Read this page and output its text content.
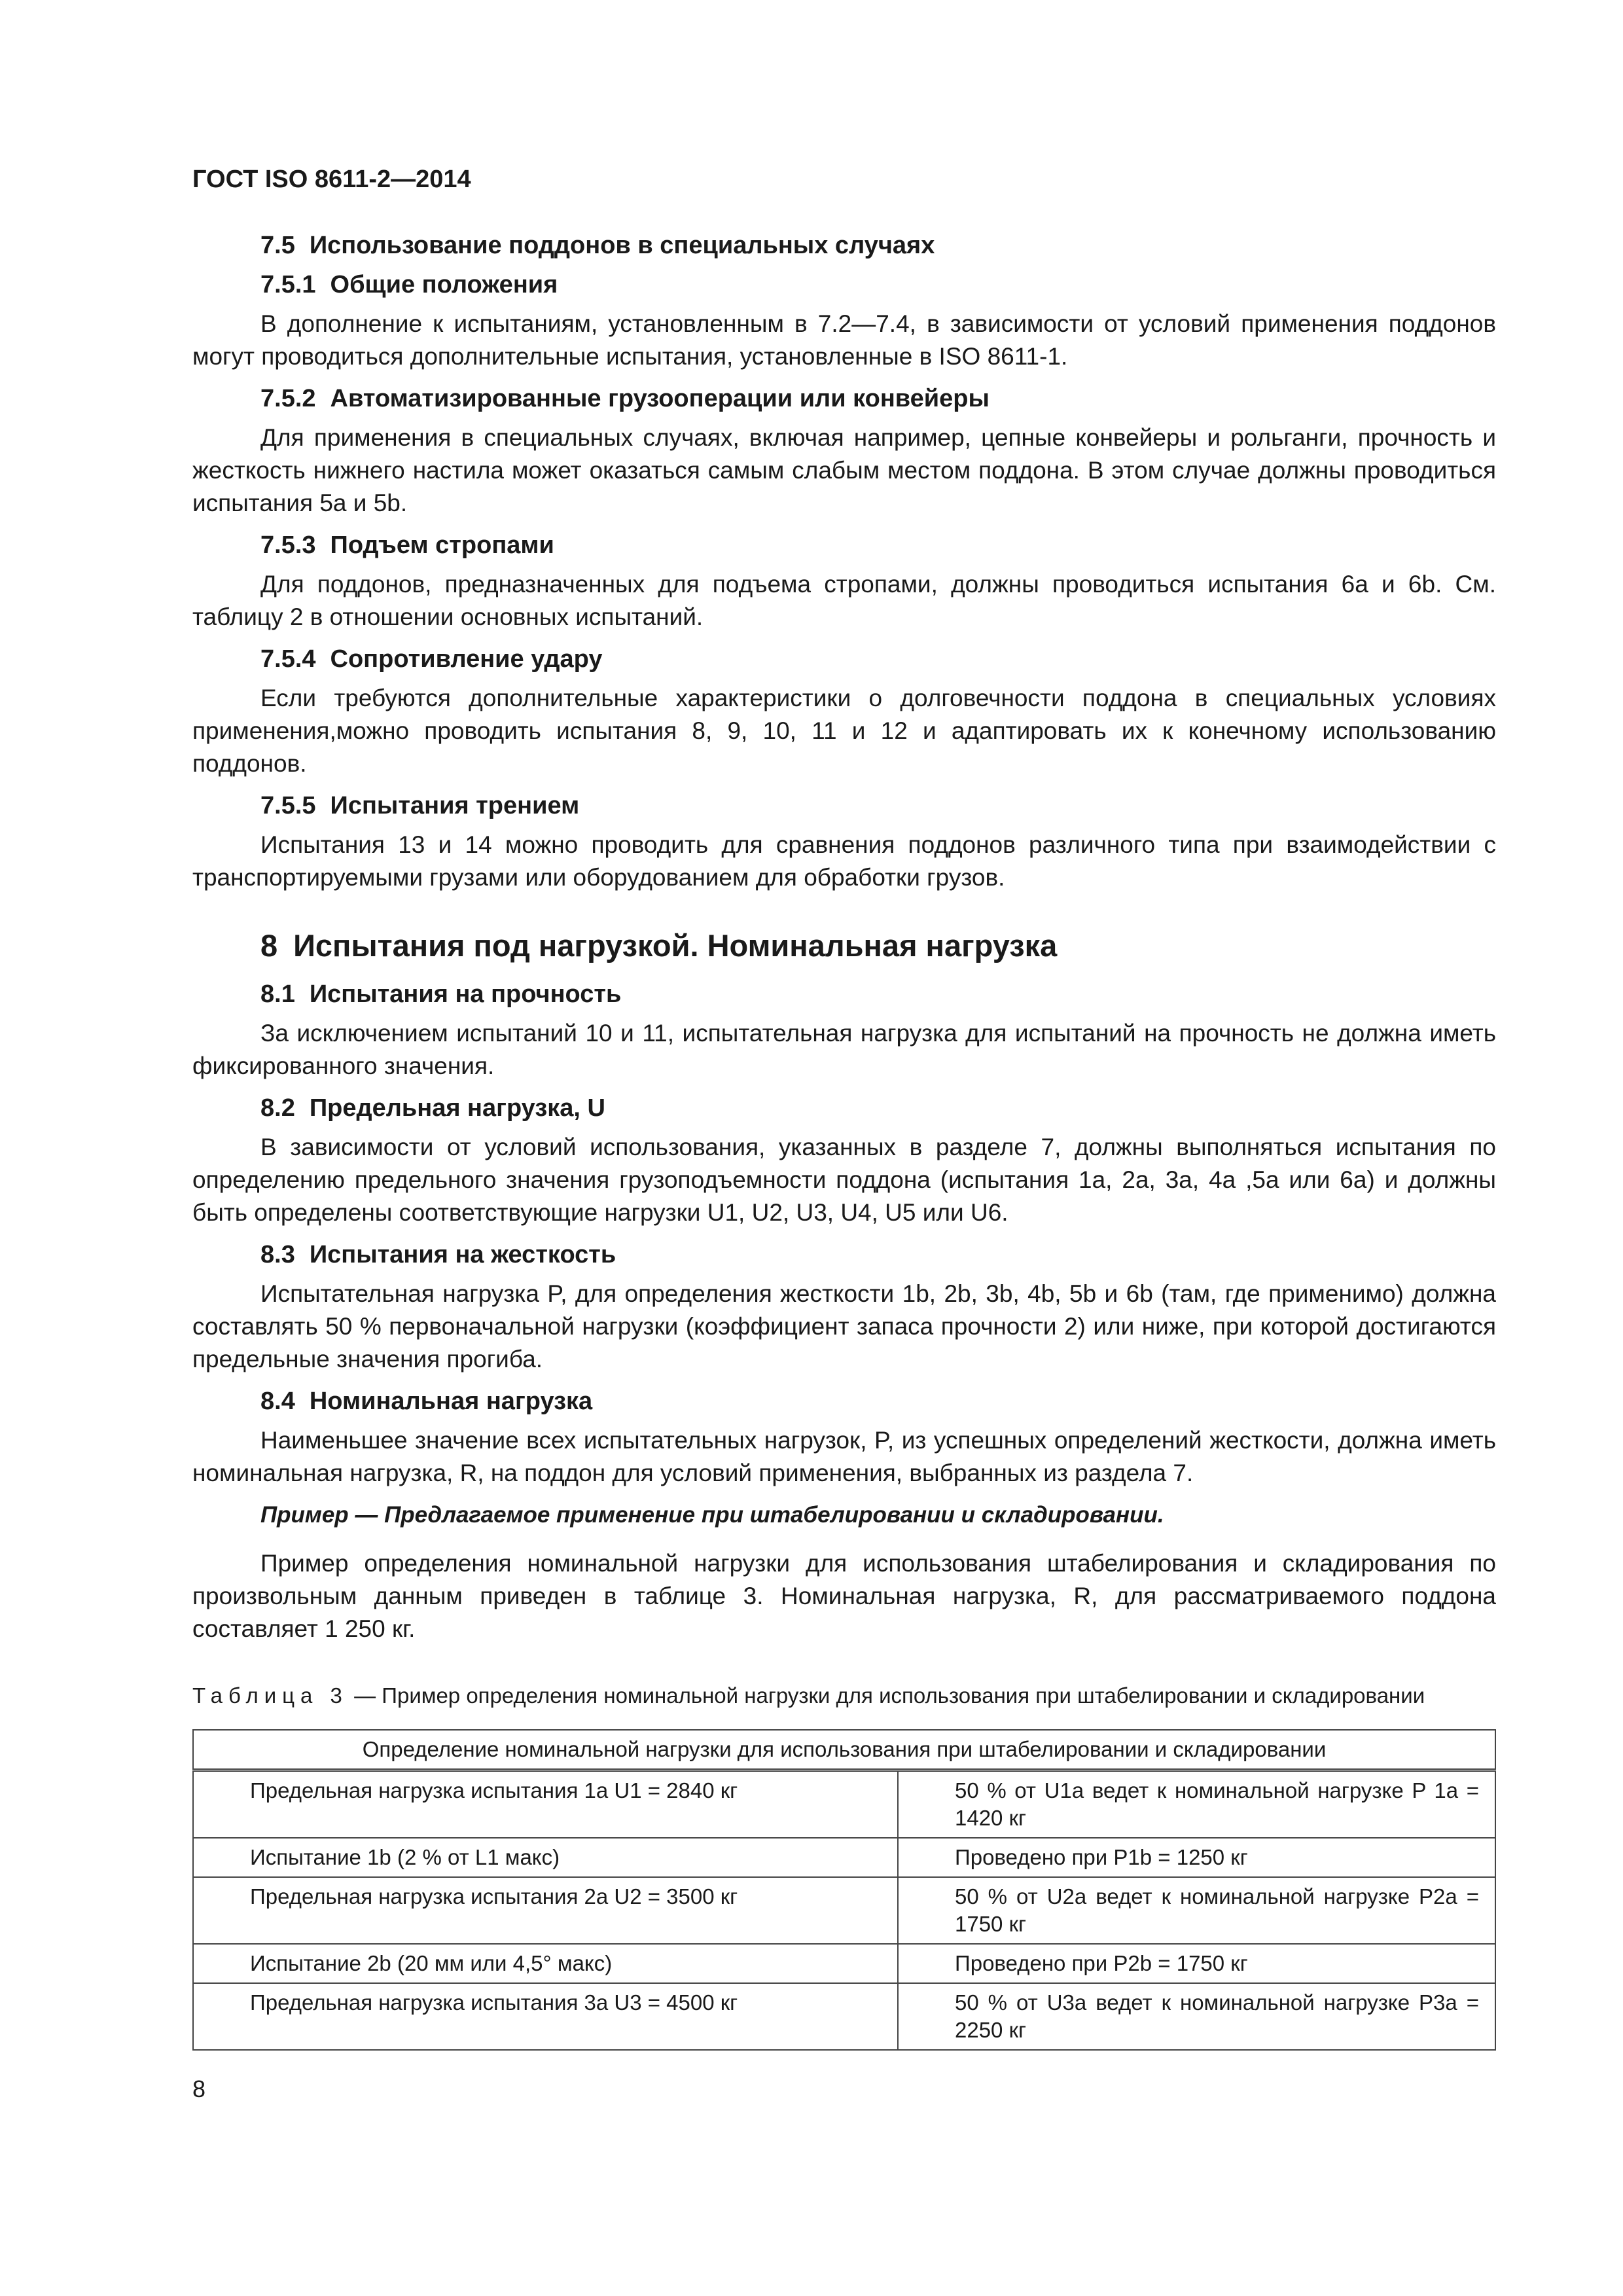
ГОСТ ISO 8611-2—2014
7.5 Использование поддонов в специальных случаях
7.5.1 Общие положения
В дополнение к испытаниям, установленным в 7.2—7.4, в зависимости от условий применения поддонов могут проводиться дополнительные испытания, установленные в ISO 8611-1.
7.5.2 Автоматизированные грузооперации или конвейеры
Для применения в специальных случаях, включая например, цепные конвейеры и рольганги, прочность и жесткость нижнего настила может оказаться самым слабым местом поддона. В этом случае должны проводиться испытания 5a и 5b.
7.5.3 Подъем стропами
Для поддонов, предназначенных для подъема стропами, должны проводиться испытания 6a и 6b. См. таблицу 2 в отношении основных испытаний.
7.5.4 Сопротивление удару
Если требуются дополнительные характеристики о долговечности поддона в специальных условиях применения,можно проводить испытания 8, 9, 10, 11 и 12 и адаптировать их к конечному использованию поддонов.
7.5.5 Испытания трением
Испытания 13 и 14 можно проводить для сравнения поддонов различного типа при взаимодействии с транспортируемыми грузами или оборудованием для обработки грузов.
8 Испытания под нагрузкой. Номинальная нагрузка
8.1 Испытания на прочность
За исключением испытаний 10 и 11, испытательная нагрузка для испытаний на прочность не должна иметь фиксированного значения.
8.2 Предельная нагрузка, U
В зависимости от условий использования, указанных в разделе 7, должны выполняться испытания по определению предельного значения грузоподъемности поддона (испытания 1a, 2a, 3a, 4a ,5a или 6a) и должны быть определены соответствующие нагрузки U1, U2, U3, U4, U5 или U6.
8.3 Испытания на жесткость
Испытательная нагрузка P, для определения жесткости 1b, 2b, 3b, 4b, 5b и 6b (там, где применимо) должна составлять 50 % первоначальной нагрузки (коэффициент запаса прочности 2) или ниже, при которой достигаются предельные значения прогиба.
8.4 Номинальная нагрузка
Наименьшее значение всех испытательных нагрузок, P, из успешных определений жесткости, должна иметь номинальная нагрузка, R, на поддон для условий применения, выбранных из раздела 7.
Пример — Предлагаемое применение при штабелировании и складировании.
Пример определения номинальной нагрузки для использования штабелирования и складирования по произвольным данным приведен в таблице 3. Номинальная нагрузка, R, для рассматриваемого поддона составляет 1 250 кг.
Таблица 3 — Пример определения номинальной нагрузки для использования при штабелировании и складировании
Определение номинальной нагрузки для использования при штабелировании и складировании	
Предельная нагрузка испытания 1a U1 = 2840 кг	50 % от U1a ведет к номинальной нагрузке P 1a = 1420 кг
Испытание 1b (2 % от L1 макс)	Проведено при P1b = 1250 кг
Предельная нагрузка испытания 2a U2 = 3500 кг	50 % от U2a ведет к номинальной нагрузке P2a = 1750 кг
Испытание 2b (20 мм или 4,5° макс)	Проведено при P2b = 1750 кг
Предельная нагрузка испытания 3a U3 = 4500 кг	50 % от U3a ведет к номинальной нагрузке P3a = 2250 кг
8
